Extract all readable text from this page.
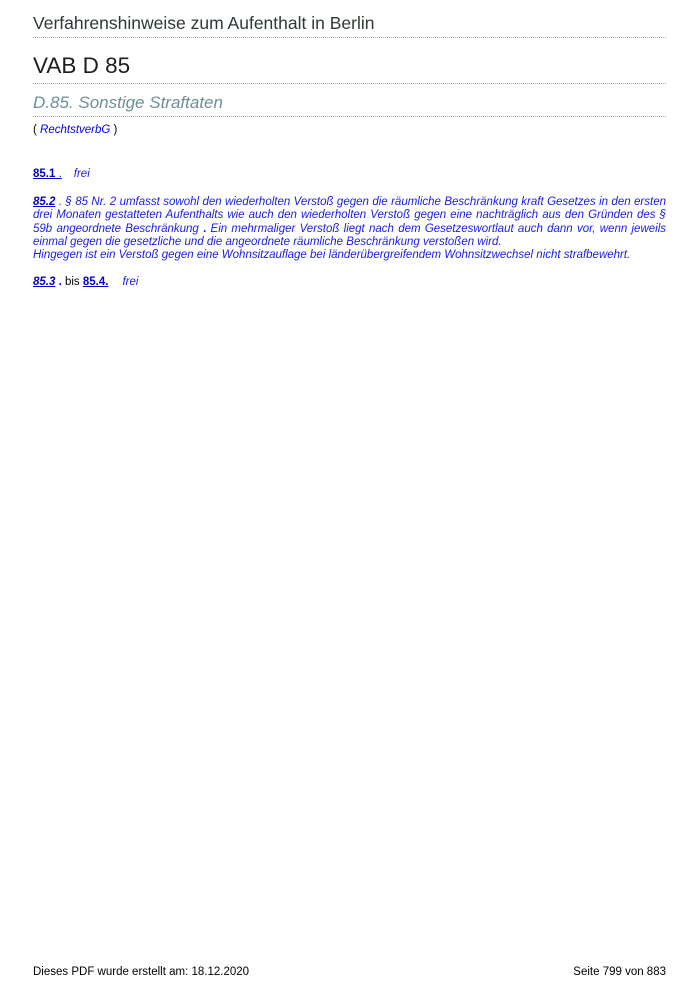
Verfahrenshinweise zum Aufenthalt in Berlin
VAB D 85
D.85. Sonstige Straftaten
( RechtstverbG )
85.1 . frei
85.2 . § 85 Nr. 2 umfasst sowohl den wiederholten Verstoß gegen die räumliche Beschränkung kraft Gesetzes in den ersten drei Monaten gestatteten Aufenthalts wie auch den wiederholten Verstoß gegen eine nachträglich aus den Gründen des § 59b angeordnete Beschränkung . Ein mehrmaliger Verstoß liegt nach dem Gesetzeswortlaut auch dann vor, wenn jeweils einmal gegen die gesetzliche und die angeordnete räumliche Beschränkung verstoßen wird.
Hingegen ist ein Verstoß gegen eine Wohnsitzauflage bei länderübergreifendem Wohnsitzwechsel nicht strafbewehrt.
85.3 . bis 85.4. frei
Dieses PDF wurde erstellt am: 18.12.2020	Seite 799 von 883
